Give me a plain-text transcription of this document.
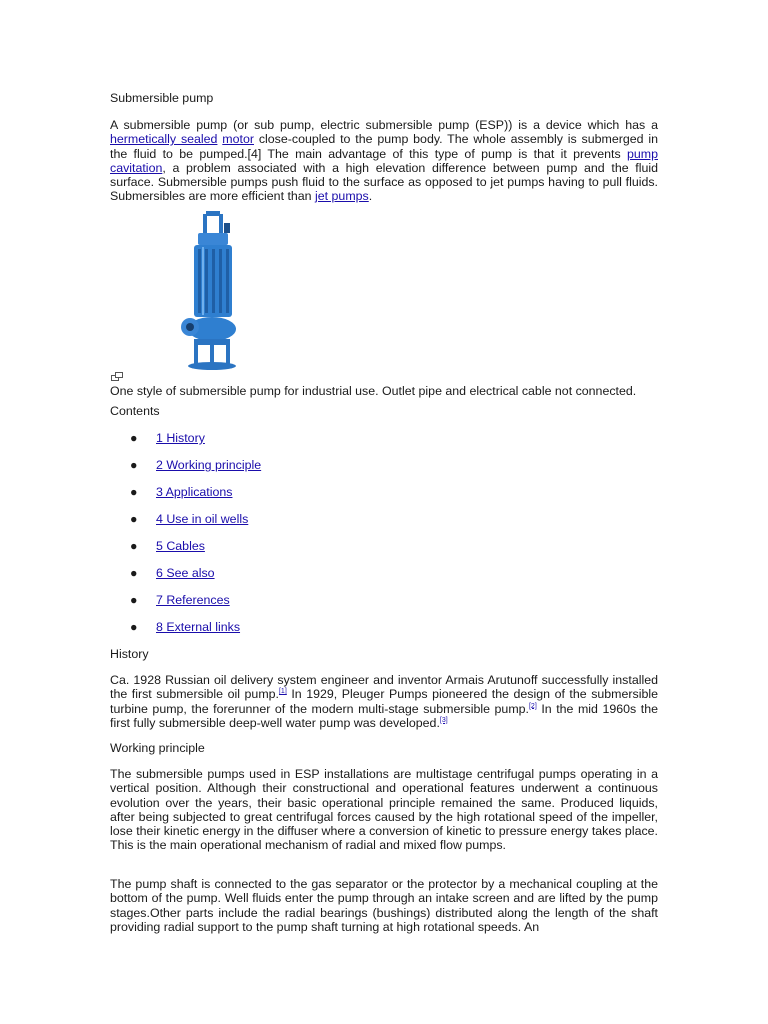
Submersible pump

A submersible pump (or sub pump, electric submersible pump (ESP)) is a device which has a hermetically sealed motor close-coupled to the pump body. The whole assembly is submerged in the fluid to be pumped.[4] The main advantage of this type of pump is that it prevents pump cavitation, a problem associated with a high elevation difference between pump and the fluid surface. Submersible pumps push fluid to the surface as opposed to jet pumps having to pull fluids. Submersibles are more efficient than jet pumps.

One style of submersible pump for industrial use. Outlet pipe and electrical cable not connected.
Contents
●	1 History
●	2 Working principle
●	3 Applications
●	4 Use in oil wells
●	5 Cables
●	6 See also
●	7 References
●	8 External links
History

Ca. 1928 Russian oil delivery system engineer and inventor Armais Arutunoff successfully installed the first submersible oil pump.[1] In 1929, Pleuger Pumps pioneered the design of the submersible turbine pump, the forerunner of the modern multi-stage submersible pump.[2] In the mid 1960s the first fully submersible deep-well water pump was developed.[3]

Working principle

The submersible pumps used in ESP installations are multistage centrifugal pumps operating in a vertical position. Although their constructional and operational features underwent a continuous evolution over the years, their basic operational principle remained the same. Produced liquids, after being subjected to great centrifugal forces caused by the high rotational speed of the impeller, lose their kinetic energy in the diffuser where a conversion of kinetic to pressure energy takes place. This is the main operational mechanism of radial and mixed flow pumps.

The pump shaft is connected to the gas separator or the protector by a mechanical coupling at the bottom of the pump. Well fluids enter the pump through an intake screen and are lifted by the pump stages.Other parts include the radial bearings (bushings) distributed along the length of the shaft providing radial support to the pump shaft turning at high rotational speeds. An
